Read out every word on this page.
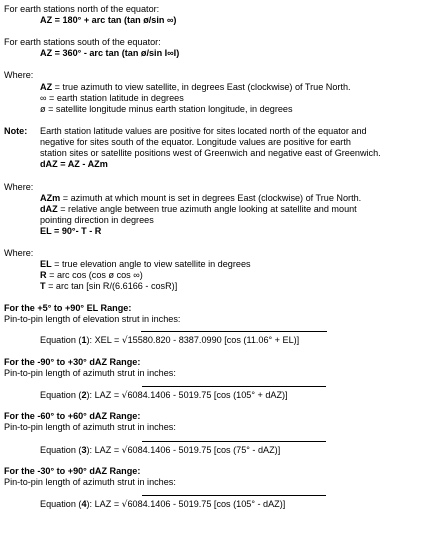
For earth stations north of the equator:
AZ = 180° + arc tan (tan ø/sin ∞)
For earth stations south of the equator:
AZ = 360° - arc tan (tan ø/sin I∞I)
Where:
AZ = true azimuth to view satellite, in degrees East (clockwise) of True North.
∞ = earth station latitude in degrees
ø = satellite longitude minus earth station longitude, in degrees
Note: Earth station latitude values are positive for sites located north of the equator and
negative for sites south of the equator. Longitude values are positive for earth
station sites or satellite positions west of Greenwich and negative east of Greenwich.
dAZ = AZ - AZm
Where:
AZm = azimuth at which mount is set in degrees East (clockwise) of True North.
dAZ = relative angle between true azimuth angle looking at satellite and mount
pointing direction in degrees
EL = 90°- T - R
Where:
EL = true elevation angle to view satellite in degrees
R = arc cos (cos ø cos ∞)
T = arc tan [sin R/(6.6166 - cosR)]
For the +5° to +90° EL Range:
Pin-to-pin length of elevation strut in inches:
Equation (1): XEL = √15580.820 - 8387.0990 [cos (11.06° + EL)]
For the -90° to +30° dAZ Range:
Pin-to-pin length of azimuth strut in inches:
Equation (2): LAZ = √6084.1406 - 5019.75 [cos (105° + dAZ)]
For the -60° to +60° dAZ Range:
Pin-to-pin length of azimuth strut in inches:
Equation (3): LAZ = √6084.1406 - 5019.75 [cos (75° - dAZ)]
For the -30° to +90° dAZ Range:
Pin-to-pin length of azimuth strut in inches:
Equation (4): LAZ = √6084.1406 - 5019.75 [cos (105° - dAZ)]
